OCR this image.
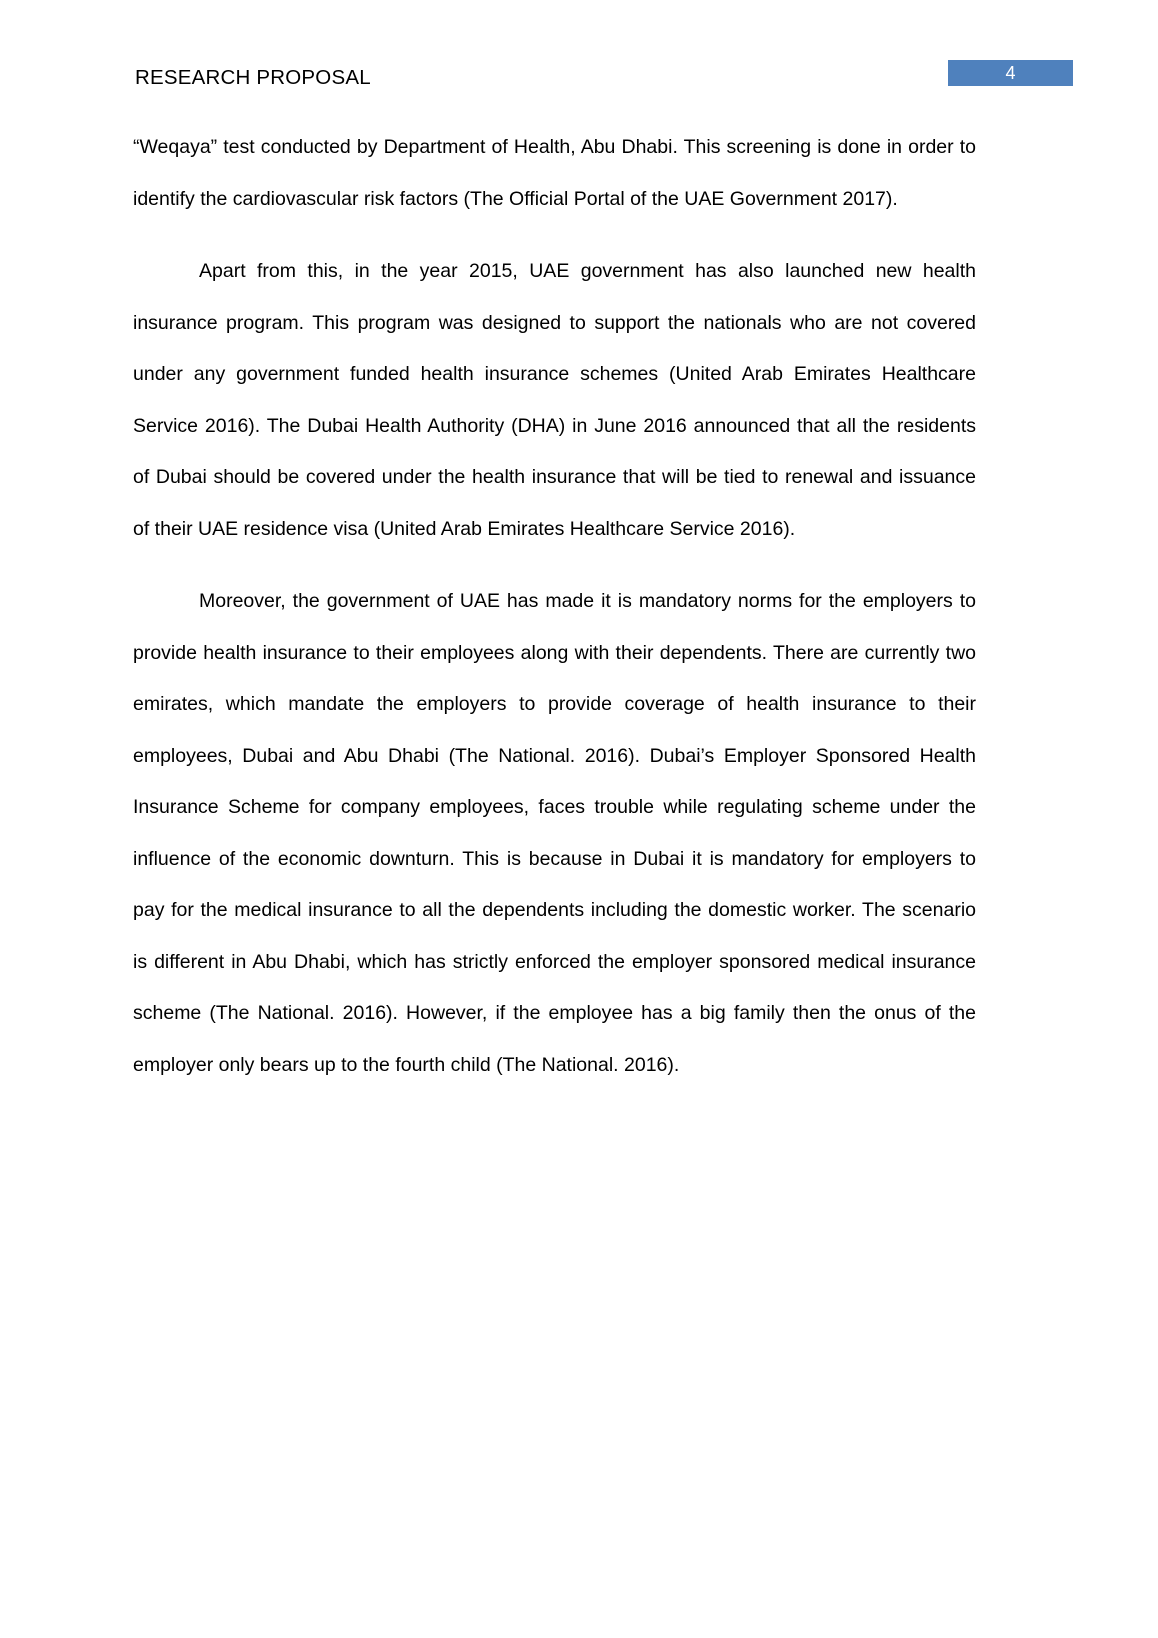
RESEARCH PROPOSAL	4

“Weqaya” test conducted by Department of Health, Abu Dhabi. This screening is done in order to identify the cardiovascular risk factors (The Official Portal of the UAE Government 2017).

Apart from this, in the year 2015, UAE government has also launched new health insurance program. This program was designed to support the nationals who are not covered under any government funded health insurance schemes (United Arab Emirates Healthcare Service 2016). The Dubai Health Authority (DHA) in June 2016 announced that all the residents of Dubai should be covered under the health insurance that will be tied to renewal and issuance of their UAE residence visa (United Arab Emirates Healthcare Service 2016).

Moreover, the government of UAE has made it is mandatory norms for the employers to provide health insurance to their employees along with their dependents. There are currently two emirates, which mandate the employers to provide coverage of health insurance to their employees, Dubai and Abu Dhabi (The National. 2016). Dubai’s Employer Sponsored Health Insurance Scheme for company employees, faces trouble while regulating scheme under the influence of the economic downturn. This is because in Dubai it is mandatory for employers to pay for the medical insurance to all the dependents including the domestic worker. The scenario is different in Abu Dhabi, which has strictly enforced the employer sponsored medical insurance scheme (The National. 2016). However, if the employee has a big family then the onus of the employer only bears up to the fourth child (The National. 2016).
